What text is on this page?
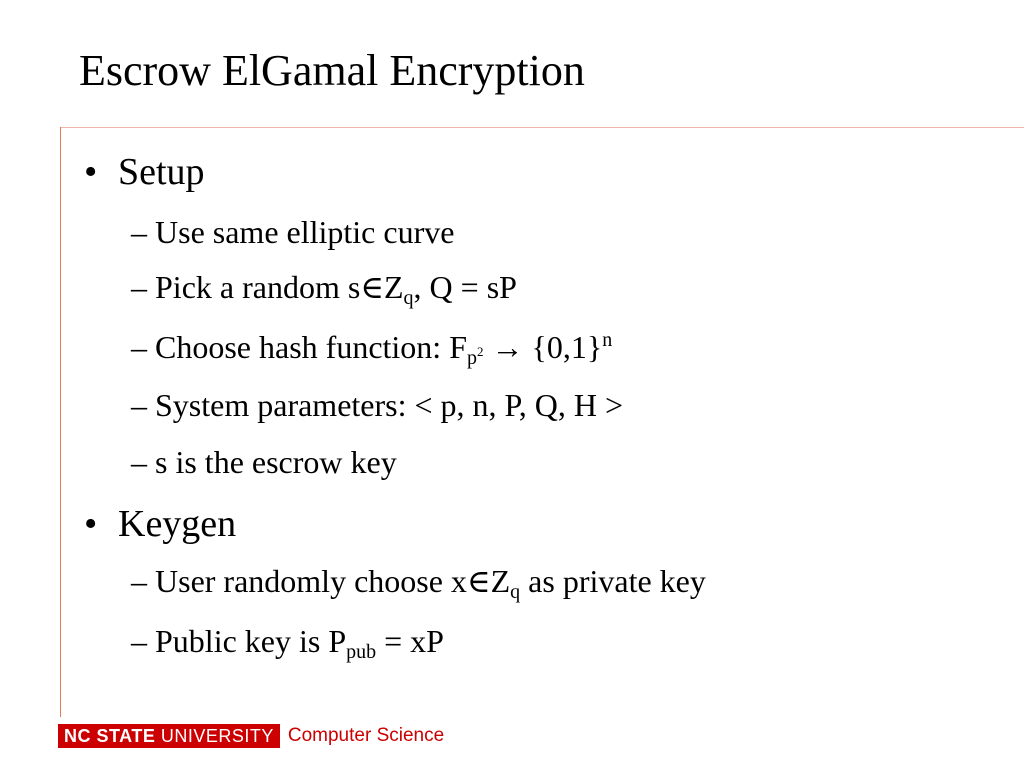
Escrow ElGamal Encryption
• Setup
– Use same elliptic curve
– Pick a random $s\in Z_q$, Q = sP
– Choose hash function: $F_{p^2} \to \{0,1\}^n$
– System parameters: < p, n, P, Q, H >
– s is the escrow key
• Keygen
– User randomly choose $x\in Z_q$ as private key
– Public key is $P_{pub}$ = xP
NC STATE UNIVERSITY Computer Science
